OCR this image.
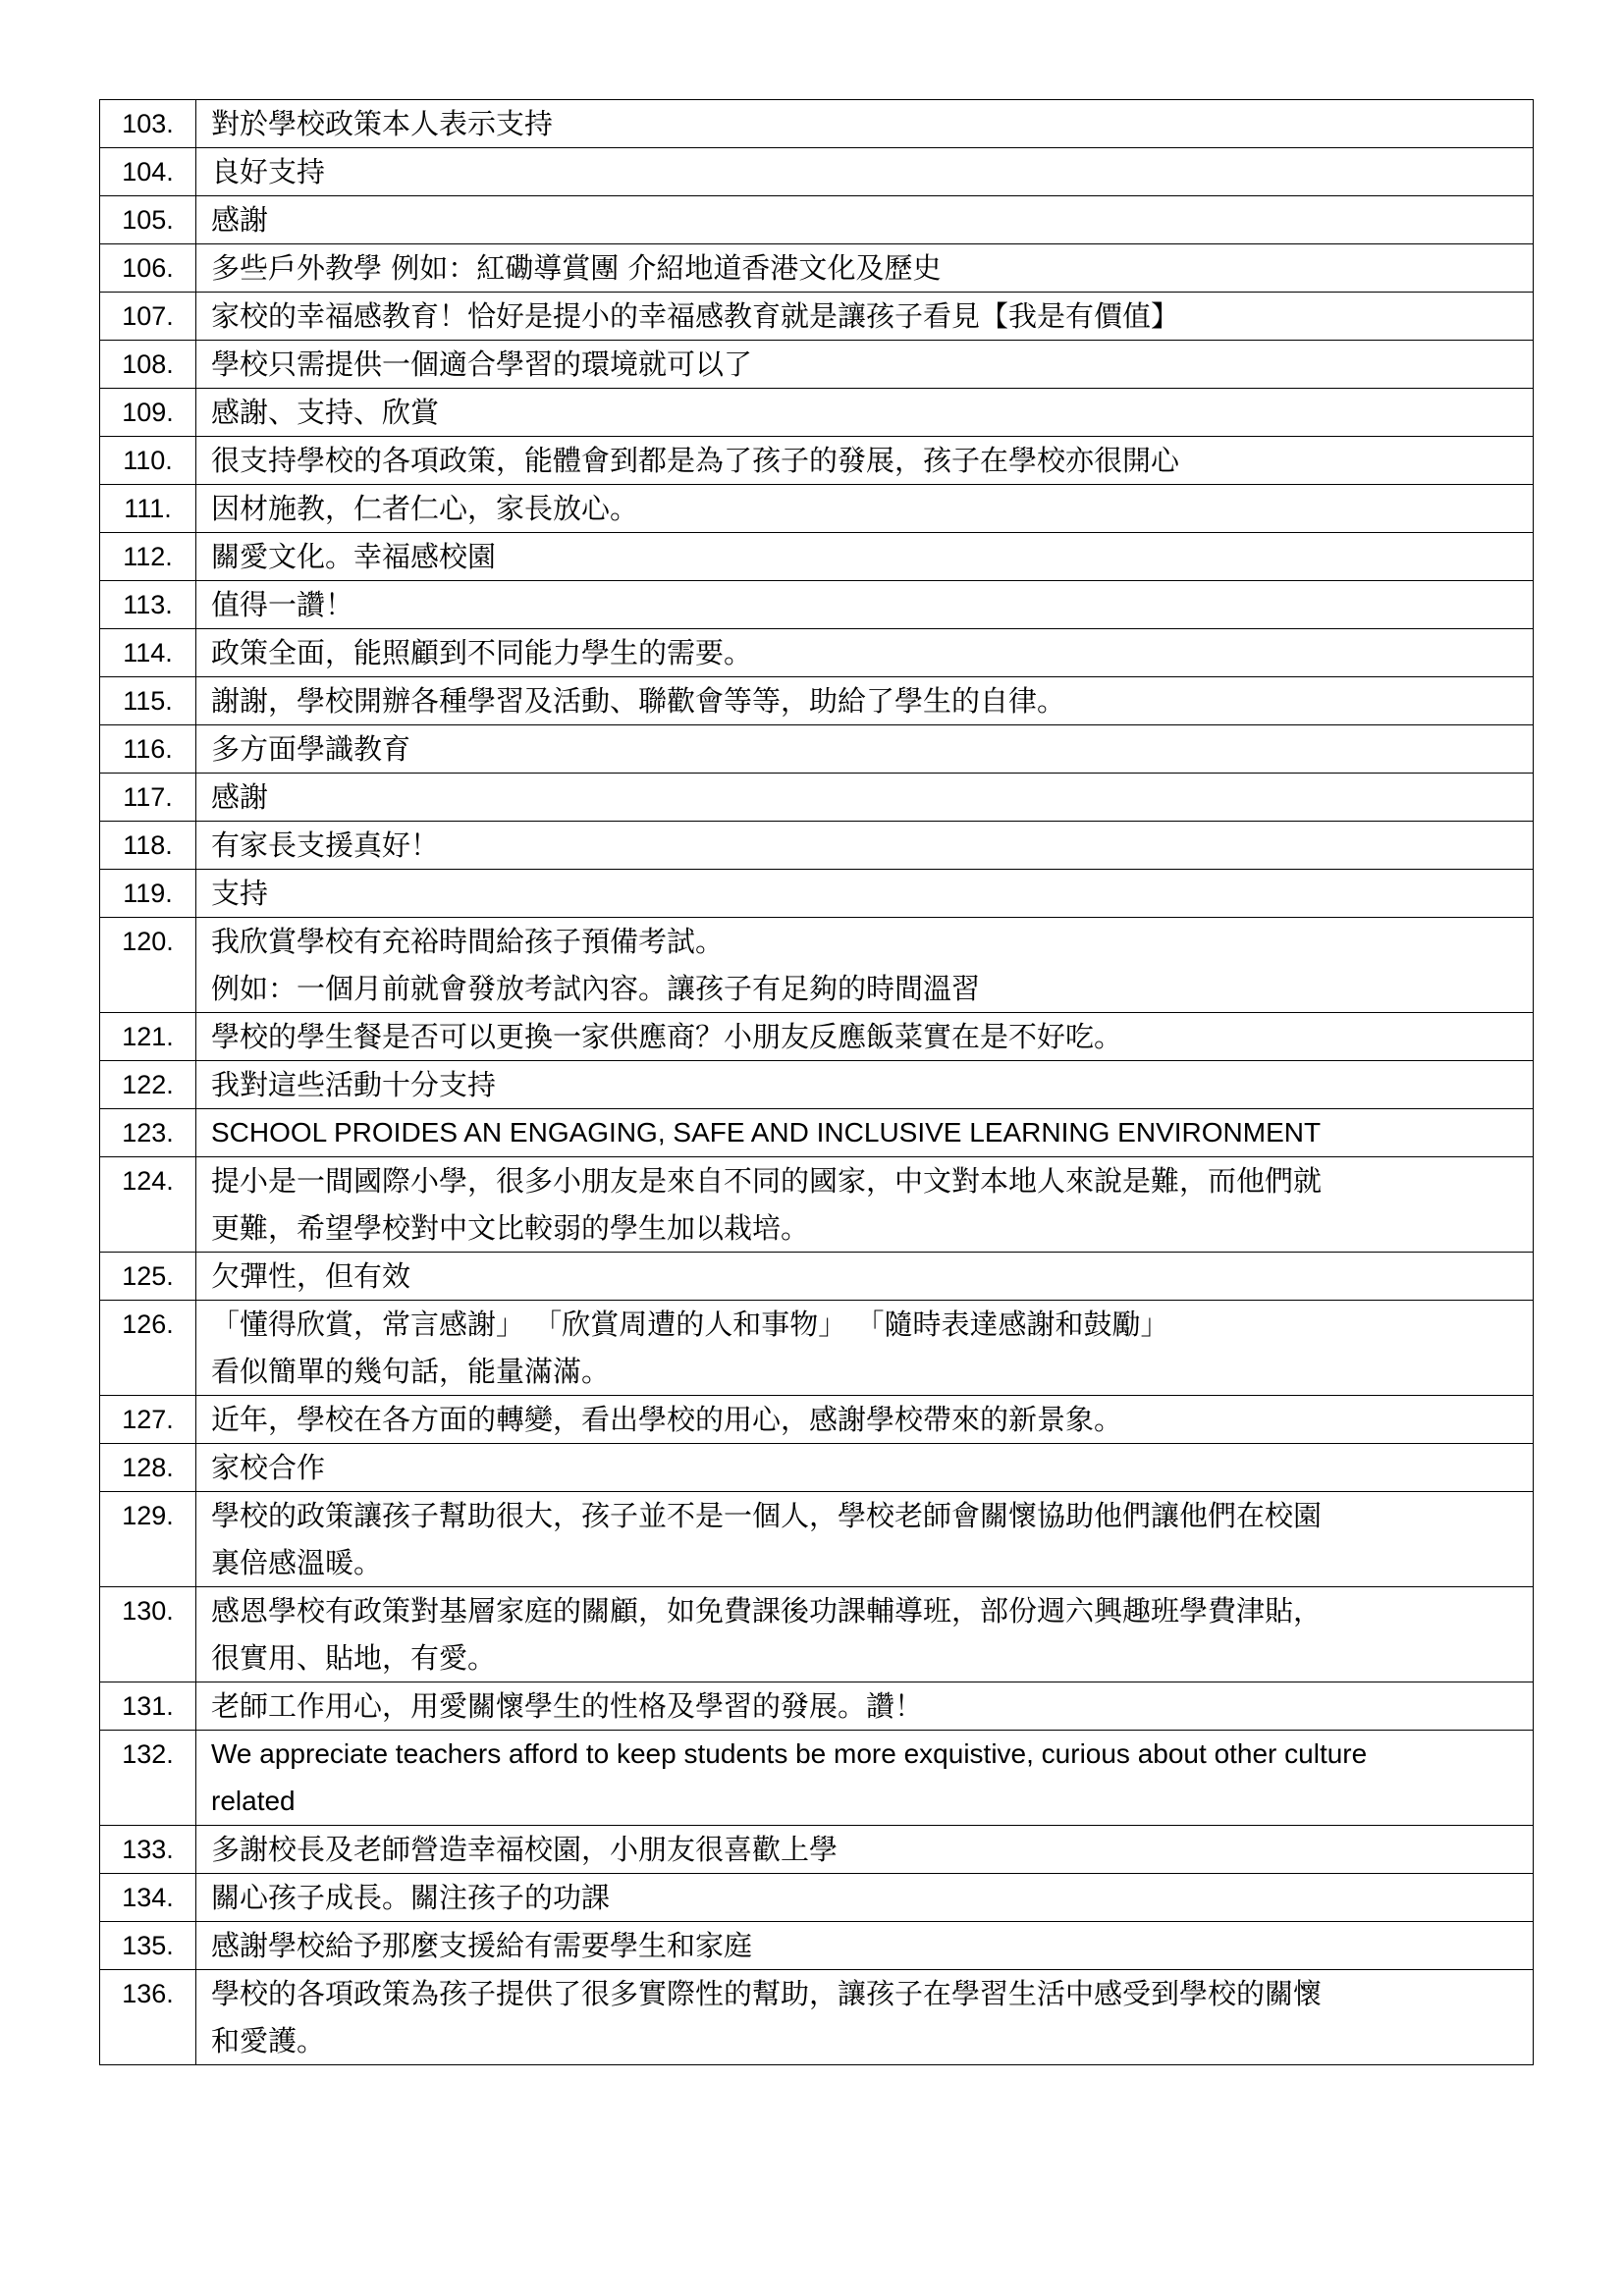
103.	對於學校政策本人表示支持

104.	良好支持

105.	感謝

106.	多些戶外教學 例如：紅磡導賞團 介紹地道香港文化及歷史

107.	家校的幸福感教育！恰好是提小的幸福感教育就是讓孩子看見【我是有價值】

108.	學校只需提供一個適合學習的環境就可以了

109.	感謝、支持、欣賞

110.	很支持學校的各項政策，能體會到都是為了孩子的發展，孩子在學校亦很開心

111.	因材施教，仁者仁心，家長放心。

112.	關愛文化。幸福感校園

113.	值得一讚！

114.	政策全面，能照顧到不同能力學生的需要。

115.	謝謝，學校開辦各種學習及活動、聯歡會等等，助給了學生的自律。

116.	多方面學識教育

117.	感謝

118.	有家長支援真好！

119.	支持

120.	我欣賞學校有充裕時間給孩子預備考試。
例如：一個月前就會發放考試內容。讓孩子有足夠的時間溫習

121.	學校的學生餐是否可以更換一家供應商？小朋友反應飯菜實在是不好吃。

122.	我對這些活動十分支持

123.	SCHOOL PROIDES AN ENGAGING, SAFE AND INCLUSIVE LEARNING ENVIRONMENT

124.	提小是一間國際小學，很多小朋友是來自不同的國家，中文對本地人來說是難，而他們就
更難，希望學校對中文比較弱的學生加以栽培。

125.	欠彈性，但有效

126.	「懂得欣賞，常言感謝」 「欣賞周遭的人和事物」 「隨時表達感謝和鼓勵」
看似簡單的幾句話，能量滿滿。

127.	近年，學校在各方面的轉變，看出學校的用心，感謝學校帶來的新景象。

128.	家校合作

129.	學校的政策讓孩子幫助很大，孩子並不是一個人，學校老師會關懷協助他們讓他們在校園
裏倍感溫暖。

130.	感恩學校有政策對基層家庭的關顧，如免費課後功課輔導班，部份週六興趣班學費津貼，
很實用、貼地，有愛。

131.	老師工作用心，用愛關懷學生的性格及學習的發展。讚！

132.	We appreciate teachers afford to keep students be more exquistive, curious about other culture
related

133.	多謝校長及老師營造幸福校園，小朋友很喜歡上學

134.	關心孩子成長。關注孩子的功課

135.	感謝學校給予那麼支援給有需要學生和家庭

136.	學校的各項政策為孩子提供了很多實際性的幫助，讓孩子在學習生活中感受到學校的關懷
和愛護。
